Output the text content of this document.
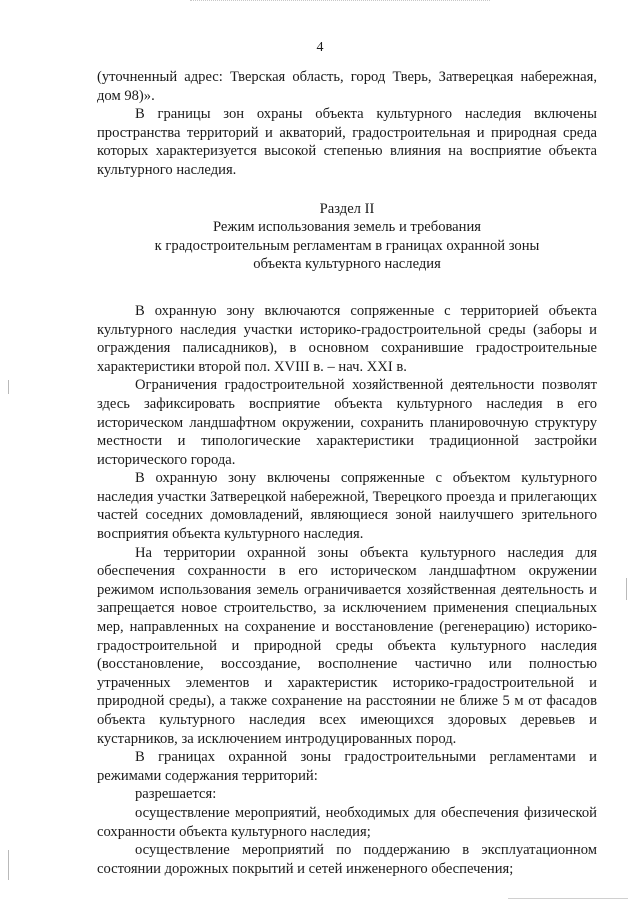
4

(уточненный адрес: Тверская область, город Тверь, Затверецкая набережная, дом 98)».

В границы зон охраны объекта культурного наследия включены пространства территорий и акваторий, градостроительная и природная среда которых характеризуется высокой степенью влияния на восприятие объекта культурного наследия.

Раздел II
Режим использования земель и требования
к градостроительным регламентам в границах охранной зоны
объекта культурного наследия

В охранную зону включаются сопряженные с территорией объекта культурного наследия участки историко-градостроительной среды (заборы и ограждения палисадников), в основном сохранившие градостроительные характеристики второй пол. XVIII в. – нач. XXI в.

Ограничения градостроительной хозяйственной деятельности позволят здесь зафиксировать восприятие объекта культурного наследия в его историческом ландшафтном окружении, сохранить планировочную структуру местности и типологические характеристики традиционной застройки исторического города.

В охранную зону включены сопряженные с объектом культурного наследия участки Затверецкой набережной, Тверецкого проезда и прилегающих частей соседних домовладений, являющиеся зоной наилучшего зрительного восприятия объекта культурного наследия.

На территории охранной зоны объекта культурного наследия для обеспечения сохранности в его историческом ландшафтном окружении режимом использования земель ограничивается хозяйственная деятельность и запрещается новое строительство, за исключением применения специальных мер, направленных на сохранение и восстановление (регенерацию) историко-градостроительной и природной среды объекта культурного наследия (восстановление, воссоздание, восполнение частично или полностью утраченных элементов и характеристик историко-градостроительной и природной среды), а также сохранение на расстоянии не ближе 5 м от фасадов объекта культурного наследия всех имеющихся здоровых деревьев и кустарников, за исключением интродуцированных пород.

В границах охранной зоны градостроительными регламентами и режимами содержания территорий:

разрешается:

осуществление мероприятий, необходимых для обеспечения физической сохранности объекта культурного наследия;

осуществление мероприятий по поддержанию в эксплуатационном состоянии дорожных покрытий и сетей инженерного обеспечения;
